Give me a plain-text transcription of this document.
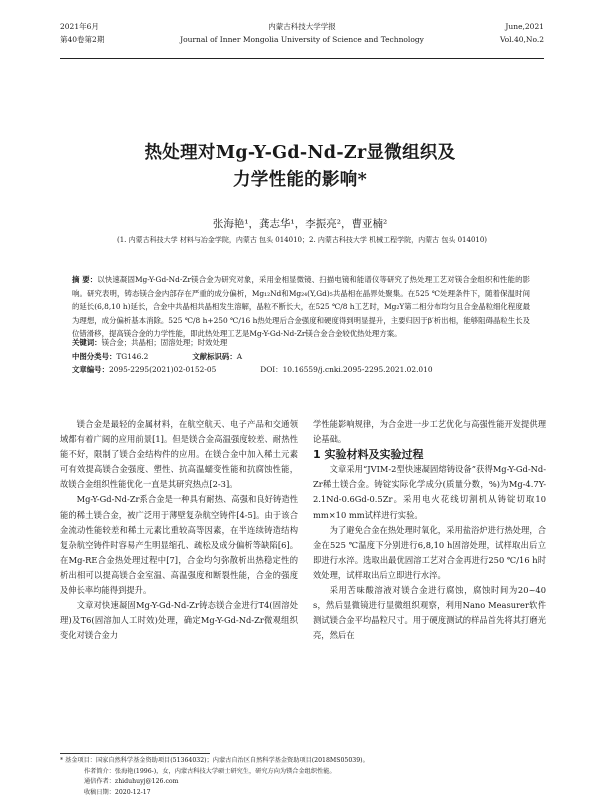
2021年6月
第40卷第2期
内蒙古科技大学学报
Journal of Inner Mongolia University of Science and Technology
June,2021
Vol.40,No.2
热处理对Mg-Y-Gd-Nd-Zr显微组织及
力学性能的影响*
张海艳¹，龚志华¹，李振亮²，曹亚楠²
(1. 内蒙古科技大学 材料与冶金学院，内蒙古 包头 014010；2. 内蒙古科技大学 机械工程学院，内蒙古 包头 014010)
摘 要：以快速凝固Mg-Y-Gd-Nd-Zr镁合金为研究对象，采用金相显微镜、扫描电镜和能谱仪等研究了热处理工艺对镁合金组织和性能的影响。研究表明，铸态镁合金内部存在严重的成分偏析，Mg₁₂Nd和Mg₂₄(Y,Gd)₅共晶相在晶界处聚集。在525 ℃处理条件下，随着保温时间的延长(6,8,10 h)延长，合金中共晶相共晶相发生溶解，晶粒不断长大，在525 ℃/8 h工艺时，Mg₂Y第二相分布均匀且合金晶粒细化程度最为理想，成分偏析基本消除。525 ℃/8 h+250 ℃/16 h热处理后合金强度和硬度得到明显提升，主要归因于β′析出相，能够阻碍晶粒生长及位错滑移，提高镁合金的力学性能，即此热处理工艺是Mg-Y-Gd-Nd-Zr镁合金合金较优热处理方案。
关键词：镁合金；共晶相；固溶处理；时效处理
中图分类号：TG146.2	文献标识码：A
文章编号：2095-2295(2021)02-0152-05	DOI：10.16559/j.cnki.2095-2295.2021.02.010

镁合金是最轻的金属材料，在航空航天、电子产品和交通领域都有着广阔的应用前景[1]。但是镁合金高温强度较差、耐热性能不好，限制了镁合金结构件的应用。在镁合金中加入稀土元素可有效提高镁合金强度、塑性、抗高温蠕变性能和抗腐蚀性能，故镁合金组织性能优化一直是其研究热点[2-3]。

Mg-Y-Gd-Nd-Zr系合金是一种具有耐热、高强和良好铸造性能的稀土镁合金，被广泛用于薄壁复杂航空铸件[4-5]。由于该合金流动性能较差和稀土元素比重较高等因素，在半连续铸造结构复杂航空铸件时容易产生明显缩孔、疏松及成分偏析等缺陷[6]。在Mg-RE合金热处理过程中[7]，合金均匀弥散析出热稳定性的析出相可以提高镁合金室温、高温强度和断裂性能，合金的强度及伸长率均能得到提升。

文章对快速凝固Mg-Y-Gd-Nd-Zr铸态镁合金进行T4(固溶处理)及T6(固溶加人工时效)处理，确定Mg-Y-Gd-Nd-Zr微观组织变化对镁合金力

学性能影响规律，为合金进一步工艺优化与高强性能开发提供理论基础。

1 实验材料及实验过程

文章采用“JVIM-2型快速凝固熔铸设备”获得Mg-Y-Gd-Nd-Zr稀土镁合金。铸锭实际化学成分(质量分数，%)为Mg-4.7Y-2.1Nd-0.6Gd-0.5Zr。采用电火花线切割机从铸锭切取10 mm×10 mm试样进行实验。

为了避免合金在热处理时氧化，采用盐浴炉进行热处理，合金在525 ℃温度下分别进行6,8,10 h固溶处理，试样取出后立即进行水淬。选取出最优固溶工艺对合金再进行250 ℃/16 h时效处理，试样取出后立即进行水淬。

采用苦味酸溶液对镁合金进行腐蚀，腐蚀时间为20~40 s，然后显微镜进行显微组织观察，利用Nano Measurer软件测试镁合金平均晶粒尺寸。用于硬度测试的样品首先将其打磨光亮，然后在

* 基金项目：国家自然科学基金资助项目(51364032)；内蒙古自治区自然科学基金资助项目(2018MS05039)。
作者简介：张海艳(1996-)，女，内蒙古科技大学硕士研究生，研究方向为镁合金组织性能。
通信作者：zhiduhuyj@126.com
收稿日期：2020-12-17
